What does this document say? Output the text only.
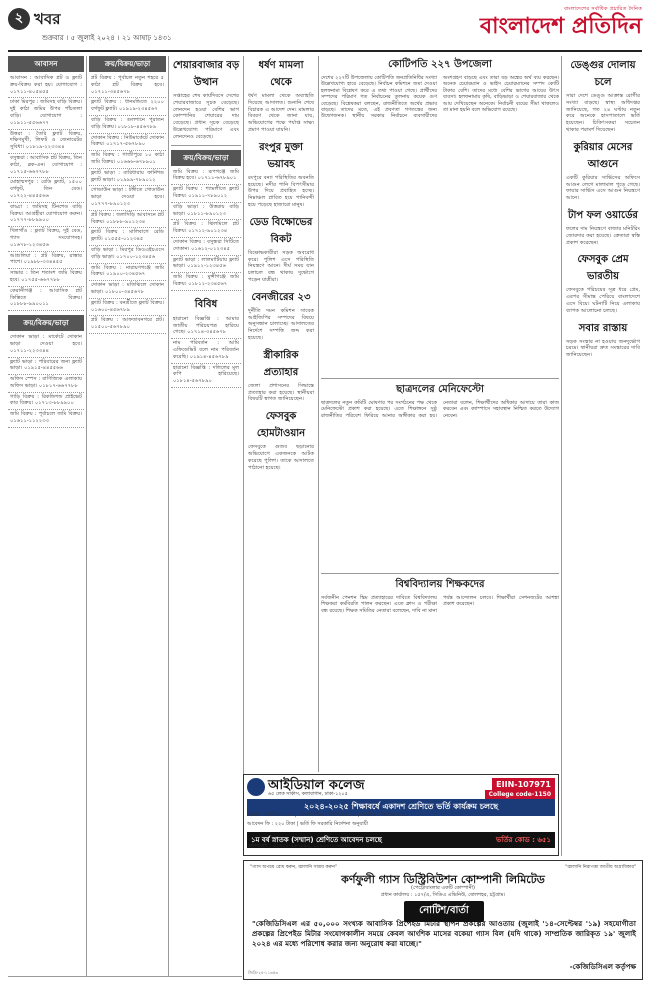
২ খবর
শুক্রবার । ৫ জুলাই ২০২৪ । ২১ আষাঢ় ১৪৩১
বাংলাদেশের সর্বাধিক প্রচারিত দৈনিক
বাংলাদেশ প্রতিদিন
আবাসন
আবাসন : আবাসিক প্লট ও ফ্ল্যাট ক্রয়-বিক্রয় করা হয়। যোগাযোগ : ০১৭১১-৪০৫৪৫৫
ঢাকা মিরপুর : জমিসহ বাড়ি বিক্রয়। দুই কাঠা জমির উপর পাঁচতলা বাড়ি। যোগাযোগ : ০১৯১১-৫৫৬৬৭৭
উত্তরা : তৈরি ফ্ল্যাট বিক্রয়, দক্ষিণমুখী, লিফট ও জেনারেটর সুবিধা। ০১৮১৯-২২৩৩৪৪
বসুন্ধরা : আবাসিক প্লট বিক্রয়, তিন কাঠা, ব্লক-এন। যোগাযোগ : ০১৭১৫-৬৬৭৭৮৮
মোহাম্মদপুর : রেডি ফ্ল্যাট, ১৫০০ বর্গফুট, তিন বেড। ০১৭২২-৪৪৫৫৬৬
বাড্ডা : জমিসহ টিনশেড বাড়ি বিক্রয়। আগ্রহীরা যোগাযোগ করুন। ০১৭৭৭-৮৮৯৯০০
খিলগাঁও : ফ্ল্যাট বিক্রয়, দুই বেড, গ্যাস সংযোগসহ। ০১৬৭৮-১২৩৪৫৬
আশুলিয়া : প্লট বিক্রয়, রাস্তার পাশে। ০১৯৮৮-৩৩৪৪৫৫
সাভার : তিন শতাংশ জমি বিক্রয় হবে। ০১৭৫৫-৬৬৭৭৮৮
কেরানীগঞ্জ : আবাসিক প্লট কিস্তিতে বিক্রয়। ০১৮৮৮-৯৯০০১১
ক্রয়/বিক্রয়/ভাড়া
দোকান ভাড়া : মার্কেটে দোকান ভাড়া দেওয়া হবে। ০১৭১১-২২৩৩৪৪
ফ্ল্যাট ভাড়া : পরিবারের জন্য ফ্ল্যাট ভাড়া। ০১৯১৫-৪৪৫৫৬৬
অফিস স্পেস : বাণিজ্যিক এলাকায় অফিস ভাড়া। ০১৮১৭-৬৬৭৭৮৮
গাড়ি বিক্রয় : রিকন্ডিশন্ড প্রাইভেট কার বিক্রয়। ০১৭১৩-৮৮৯৯০০
জমি বিক্রয় : পূর্বাচলে জমি বিক্রয়। ০১৬১১-১১২২৩৩
ক্রয়/বিক্রয়/ভাড়া
প্লট বিক্রয় : পূর্বাচল নতুন শহরে ৫ কাঠা প্লট বিক্রয় হবে। ০১৭১১-৩৪৫৬৭৮
ফ্ল্যাট বিক্রয় : ধানমন্ডিতে ২২০০ বর্গফুট ফ্ল্যাট। ০১৯১৯-২৩৪৫৬৭
বাড়ি বিক্রয় : গুলশানে পুরাতন বাড়ি বিক্রয়। ০১৮১৮-৪৫৬৭৮৯
দোকান বিক্রয় : নিউমার্কেটে দোকান বিক্রয়। ০১৭১৭-৫৬৭৮৯০
জমি বিক্রয় : গাজীপুরে ১০ কাঠা জমি বিক্রয়। ০১৬৬৬-৬৭৮৯০১
ফ্ল্যাট ভাড়া : বারিধারায় ফার্নিশড ফ্ল্যাট ভাড়া। ০১৯৯৯-৭৮৯০১২
গোডাউন ভাড়া : টঙ্গীতে গোডাউন ভাড়া দেওয়া হবে। ০১৭৭৭-৮৯০১২৩
প্লট বিক্রয় : জলসিঁড়ি আবাসনে প্লট বিক্রয়। ০১৮৮৮-৯০১২৩৪
ফ্ল্যাট বিক্রয় : মালিবাগে রেডি ফ্ল্যাট। ০১৫৫৫-০১২৩৪৫
বাড়ি ভাড়া : মিরপুর ডিওএইচএসে বাড়ি ভাড়া। ০১৭০০-১২৩৪৫৬
জমি বিক্রয় : নারায়ণগঞ্জে জমি বিক্রয়। ০১৯০০-২৩৪৫৬৭
দোকান ভাড়া : মতিঝিলে দোকান ভাড়া। ০১৮০০-৩৪৫৬৭৮
ফ্ল্যাট বিক্রয় : বনশ্রীতে ফ্ল্যাট বিক্রয়। ০১৬০০-৪৫৬৭৮৯
প্লট বিক্রয় : আফতাবনগরে প্লট। ০১৫০০-৫৬৭৮৯০
শেয়ারবাজার বড় উত্থান
সপ্তাহের শেষ কার্যদিবসে দেশের শেয়ারবাজারে সূচক বেড়েছে। লেনদেন হওয়া বেশির ভাগ কোম্পানির শেয়ারের দাম বেড়েছে। প্রধান সূচক বেড়েছে উল্লেখযোগ্য পরিমাণে এবং লেনদেনও বেড়েছে।
ক্রয়/বিক্রয়/ভাড়া
জমি বিক্রয় : রূপগঞ্জে জমি বিক্রয় হবে। ০১৭১১-৬৭৮৯০১
ফ্ল্যাট বিক্রয় : শ্যামলীতে ফ্ল্যাট বিক্রয়। ০১৯১১-৭৮৯০১২
বাড়ি ভাড়া : উত্তরায় বাড়ি ভাড়া। ০১৮১১-৮৯০১২৩
প্লট বিক্রয় : ঝিলমিলে প্লট বিক্রয়। ০১৭১২-৯০১২৩৪
দোকান বিক্রয় : বসুন্ধরা সিটিতে দোকান। ০১৬১২-০১২৩৪৫
ফ্ল্যাট ভাড়া : লালমাটিয়ায় ফ্ল্যাট ভাড়া। ০১৯১২-১২৩৪৫৬
জমি বিক্রয় : মুন্সীগঞ্জে জমি বিক্রয়। ০১৮১২-২৩৪৫৬৭
বিবিধ
হারানো বিজ্ঞপ্তি : আমার জাতীয় পরিচয়পত্র হারিয়ে গেছে। ০১৭১৪-৩৪৫৬৭৮
নাম পরিবর্তন : আমি এফিডেভিট বলে নাম পরিবর্তন করেছি। ০১৯১৪-৪৫৬৭৮৯
হারানো বিজ্ঞপ্তি : দলিলের মূল কপি হারিয়েছে। ০১৮১৪-৫৬৭৮৯০
ধর্ষণ মামলা থেকে
ধর্ষণ মামলা থেকে অব্যাহতি দিয়েছে আদালত। শুনানি শেষে বিচারক এ আদেশ দেন। মামলার বিবরণ থেকে জানা যায়, অভিযোগের পক্ষে পর্যাপ্ত সাক্ষ্য প্রমাণ পাওয়া যায়নি।
রংপুর মুক্তা ভয়াবহ
রংপুরে বন্যা পরিস্থিতির অবনতি হয়েছে। নদীর পানি বিপৎসীমার উপর দিয়ে প্রবাহিত হচ্ছে। নিম্নাঞ্চল প্লাবিত হয়ে পানিবন্দী হয়ে পড়েছে হাজারো মানুষ।
ডেড বিক্ষোভের বিকট
বিক্ষোভকারীরা সড়ক অবরোধ করে। পুলিশ এসে পরিস্থিতি নিয়ন্ত্রণে আনে। দীর্ঘ সময় যান চলাচল বন্ধ থাকায় দুর্ভোগে পড়েন যাত্রীরা।
বেনজীরের ২৩
দুর্নীতি দমন কমিশন সাবেক আইজিপির সম্পদের বিষয়ে অনুসন্ধান চালাচ্ছে। আদালতের নির্দেশে সম্পত্তি জব্দ করা হয়েছে।
স্ত্রীকারিক প্রত্যাহার
জেলা প্রশাসনের সিদ্ধান্তে প্রত্যাহার করা হয়েছে। স্থানীয়রা বিষয়টি স্বাগত জানিয়েছেন।
ফেসবুক হোমটাওয়ান
ফেসবুকে গুজব ছড়ানোর অভিযোগে একজনকে আটক করেছে পুলিশ। তাকে আদালতে পাঠানো হয়েছে।
কোটিপতি ২২৭ উপজেলা
দেশের ২২৭টি উপজেলায় কোটিপতি জনপ্রতিনিধির সংখ্যা উল্লেখযোগ্য হারে বেড়েছে। নির্বাচন কমিশনে জমা দেওয়া হলফনামা বিশ্লেষণ করে এ তথ্য পাওয়া গেছে। প্রার্থীদের সম্পদের পরিমাণ গত নির্বাচনের তুলনায় কয়েক গুণ বেড়েছে। বিশ্লেষকরা বলছেন, রাজনীতিতে অর্থের প্রভাব বাড়ছে। তাদের মতে, এই প্রবণতা গণতন্ত্রের জন্য উদ্বেগজনক। স্থানীয় সরকার নির্বাচনে ব্যবসায়ীদের অংশগ্রহণ বাড়ছে এবং তারা বড় অঙ্কের অর্থ ব্যয় করছেন। অনেক চেয়ারম্যান ও ভাইস চেয়ারম্যানের সম্পদ কোটি টাকার বেশি। তাদের মধ্যে বেশির ভাগের আয়ের উৎস ব্যবসা। হলফনামায় কৃষি, বাড়িভাড়া ও শেয়ারবাজার থেকে আয় দেখিয়েছেন অনেকে। নির্বাচনী ব্যয়ের সীমা থাকলেও তা মানা হয়নি বলে অভিযোগ রয়েছে।
ছাত্রদলের মেনিফেস্টো
ছাত্রদলের নতুন কমিটি ঘোষণার পর সংগঠনের পক্ষ থেকে মেনিফেস্টো প্রকাশ করা হয়েছে। এতে শিক্ষাঙ্গনে সুষ্ঠু রাজনীতির পরিবেশ ফিরিয়ে আনার অঙ্গীকার করা হয়। নেতারা বলেন, শিক্ষার্থীদের অধিকার আদায়ে তারা কাজ করবেন এবং ক্যাম্পাসে সহাবস্থান নিশ্চিত করতে উদ্যোগ নেবেন।
বিশ্ববিদ্যালয় শিক্ষকদের
সর্বজনীন পেনশন স্কিম প্রত্যাহারের দাবিতে বিশ্ববিদ্যালয় শিক্ষকরা কর্মবিরতি পালন করছেন। এতে ক্লাস ও পরীক্ষা বন্ধ রয়েছে। শিক্ষক সমিতির নেতারা বলেছেন, দাবি না মানা পর্যন্ত আন্দোলন চলবে। শিক্ষার্থীরা সেশনজটের আশঙ্কা প্রকাশ করেছেন।
ডেঙ্গুর দোলায় চলে
সারা দেশে ডেঙ্গু আক্রান্ত রোগীর সংখ্যা বাড়ছে। স্বাস্থ্য অধিদপ্তর জানিয়েছে, গত ২৪ ঘণ্টায় নতুন করে অনেকে হাসপাতালে ভর্তি হয়েছেন। চিকিৎসকরা সচেতন থাকার পরামর্শ দিয়েছেন।
কুরিয়ার মেসের আগুনে
একটি কুরিয়ার সার্ভিসের অফিসে আগুন লেগে মালামাল পুড়ে গেছে। ফায়ার সার্ভিস এসে আগুন নিয়ন্ত্রণে আনে।
টাপ ফল ওয়ার্ডের
ফলের দাম নিয়ন্ত্রণে বাজার মনিটরিং জোরদার করা হয়েছে। ক্রেতারা স্বস্তি প্রকাশ করেছেন।
ফেসবুক প্রেম ভারতীয়
ফেসবুকে পরিচয়ের সূত্র ধরে প্রেম, এরপর সীমান্ত পেরিয়ে বাংলাদেশে এসে বিয়ে। ঘটনাটি নিয়ে এলাকায় ব্যাপক আলোচনা চলছে।
সবার রাস্তায়
সড়ক সংস্কার না হওয়ায় জনদুর্ভোগ চরমে। স্থানীয়রা দ্রুত সংস্কারের দাবি জানিয়েছেন।
আইডিয়াল কলেজ
৬৫ লেক সার্কাস, কলাবাগান, ঢাকা-১২০৫
EIIN-107971
College code-1150
২০২৪-২০২৫ শিক্ষাবর্ষে একাদশ শ্রেণিতে ভর্তি কার্যক্রম চলছে
বিজ্ঞান : জিপিএ ৫.০০ | ব্যবসায় শিক্ষা : জিপিএ ৫.০০ | মানবিক : জিপিএ ৫.০০
আবেদন ফি : ২২০ টাকা | ভর্তি ফি সরকারি নির্দেশনা অনুযায়ী
১ম বর্ষ স্নাতক (সম্মান) শ্রেণিতে আবেদন চলছে	ভর্তির কোড : ৬৫১
যোগাযোগ : ০১৭১১-৫৬৭৮৯০, ০১৯১১-২৩৪৫৬৭
"গ্যাস অপচয় রোধ করুন, জ্বালানি সাশ্রয় করুন"	"জ্বালানি নিরাপত্তা জাতীয় অগ্রাধিকার"
কর্ণফুলী গ্যাস ডিস্ট্রিবিউশন কোম্পানী লিমিটেড
(পেট্রোবাংলার একটি কোম্পানী)
প্রধান কার্যালয় : ১৫৭/এ, সিডিএ এভিনিউ, ষোলশহর, চট্টগ্রাম।
নোটিশ/বার্তা
"কেজিডিসিএল এর ৫০,০০০ সংখ্যক আবাসিক প্রিপেইড মিটার স্থাপন প্রকল্পের আওতায় (জুলাই '১৪-সেপ্টেম্বর '১৯) সহযোগীতা প্রকল্পের প্রিপেইড মিটার সংযোগকালীন সময়ে কেবল আংশিক মাসের বকেয়া গ্যাস বিল (যদি থাকে) সাম্প্রতিক জারিকৃত ১৯' জুলাই ২০২৪ এর মধ্যে পরিশোধ করার জন্য অনুরোধ করা যাচ্ছে।"
-কেজিডিসিএল কর্তৃপক্ষ
জিডি-২৪-১১৩৫৩
